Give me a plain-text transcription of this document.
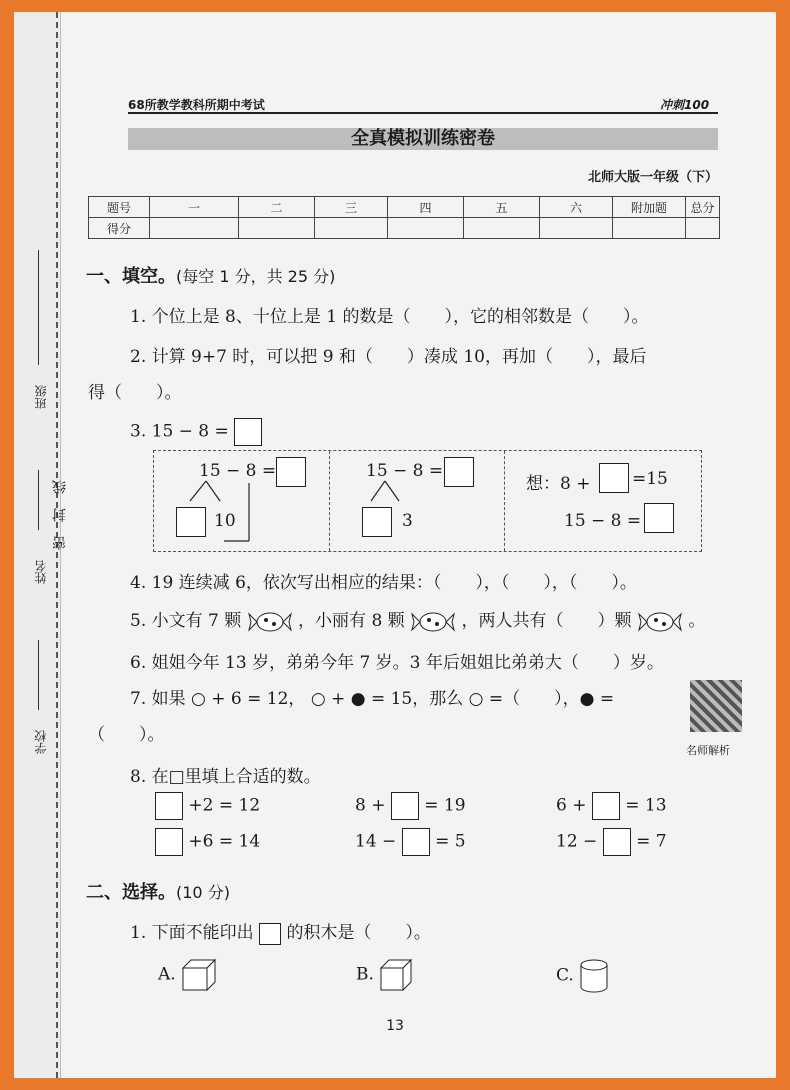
班级
姓名
密　封　线
学校
68所教学教科所期中考试	冲刺100
全真模拟训练密卷
北师大版一年级（下）
题号	一	二	三	四	五	六	附加题	总分
得分								
一、填空。(每空 1 分，共 25 分)
1. 个位上是 8、十位上是 1 的数是（　　），它的相邻数是（　　）。
2. 计算 9+7 时，可以把 9 和（　　）凑成 10，再加（　　），最后
得（　　）。
3. 15 − 8 =
15 − 8 =
10
15 − 8 =
3
想：8 + =15
15 − 8 =
4. 19 连续减 6，依次写出相应的结果：（　　），（　　），（　　）。
5. 小文有 7 颗	，小丽有 8 颗	，两人共有（　　）颗	。
6. 姐姐今年 13 岁，弟弟今年 7 岁。3 年后姐姐比弟弟大（　　）岁。
7. 如果 ○ + 6 = 12， ○ + ● = 15，那么 ○ =（　　），● =
（　　）。
名师解析
8. 在□里填上合适的数。
+2 = 12	8 + = 19	6 + = 13
+6 = 14	14 − = 5	12 − = 7
二、选择。(10 分)
1. 下面不能印出 的积木是（　　）。
A.	B.	C.
13
